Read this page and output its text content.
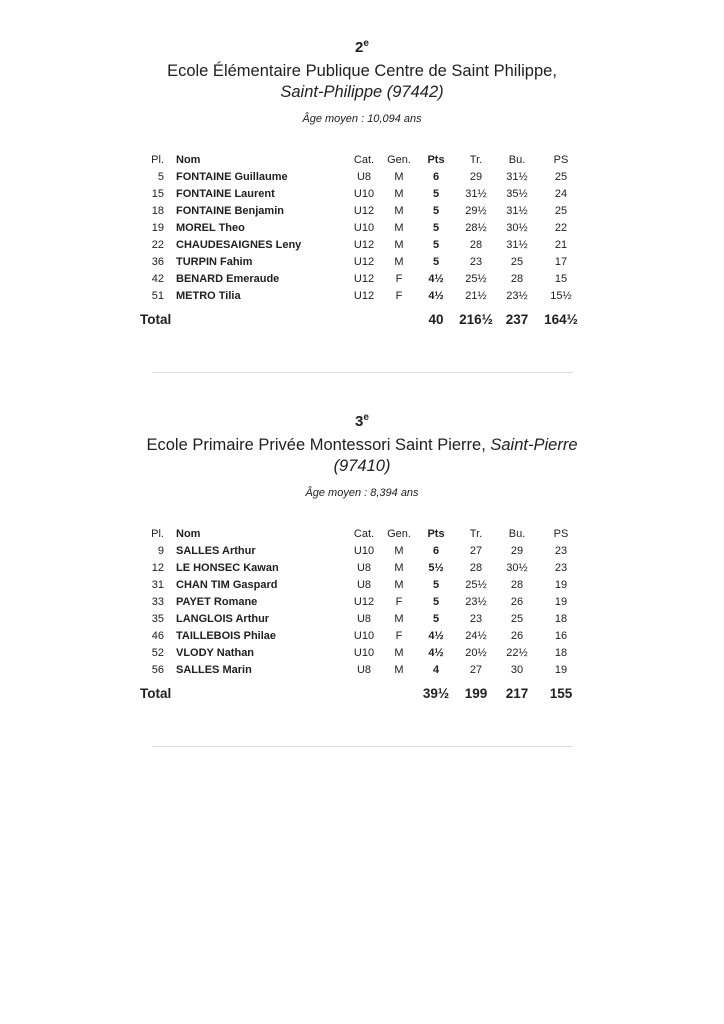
2e
Ecole Élémentaire Publique Centre de Saint Philippe,
Saint-Philippe (97442)
Âge moyen : 10,094 ans
Pl.	Nom	Cat.	Gen.	Pts	Tr.	Bu.	PS
5	FONTAINE Guillaume	U8	M	6	29	31½	25
15	FONTAINE Laurent	U10	M	5	31½	35½	24
18	FONTAINE Benjamin	U12	M	5	29½	31½	25
19	MOREL Theo	U10	M	5	28½	30½	22
22	CHAUDESAIGNES Leny	U12	M	5	28	31½	21
36	TURPIN Fahim	U12	M	5	23	25	17
42	BENARD Emeraude	U12	F	4½	25½	28	15
51	METRO Tilia	U12	F	4½	21½	23½	15½
Total				40	216½	237	164½
3e
Ecole Primaire Privée Montessori Saint Pierre, Saint-Pierre
(97410)
Âge moyen : 8,394 ans
Pl.	Nom	Cat.	Gen.	Pts	Tr.	Bu.	PS
9	SALLES Arthur	U10	M	6	27	29	23
12	LE HONSEC Kawan	U8	M	5½	28	30½	23
31	CHAN TIM Gaspard	U8	M	5	25½	28	19
33	PAYET Romane	U12	F	5	23½	26	19
35	LANGLOIS Arthur	U8	M	5	23	25	18
46	TAILLEBOIS Philae	U10	F	4½	24½	26	16
52	VLODY Nathan	U10	M	4½	20½	22½	18
56	SALLES Marin	U8	M	4	27	30	19
Total				39½	199	217	155
